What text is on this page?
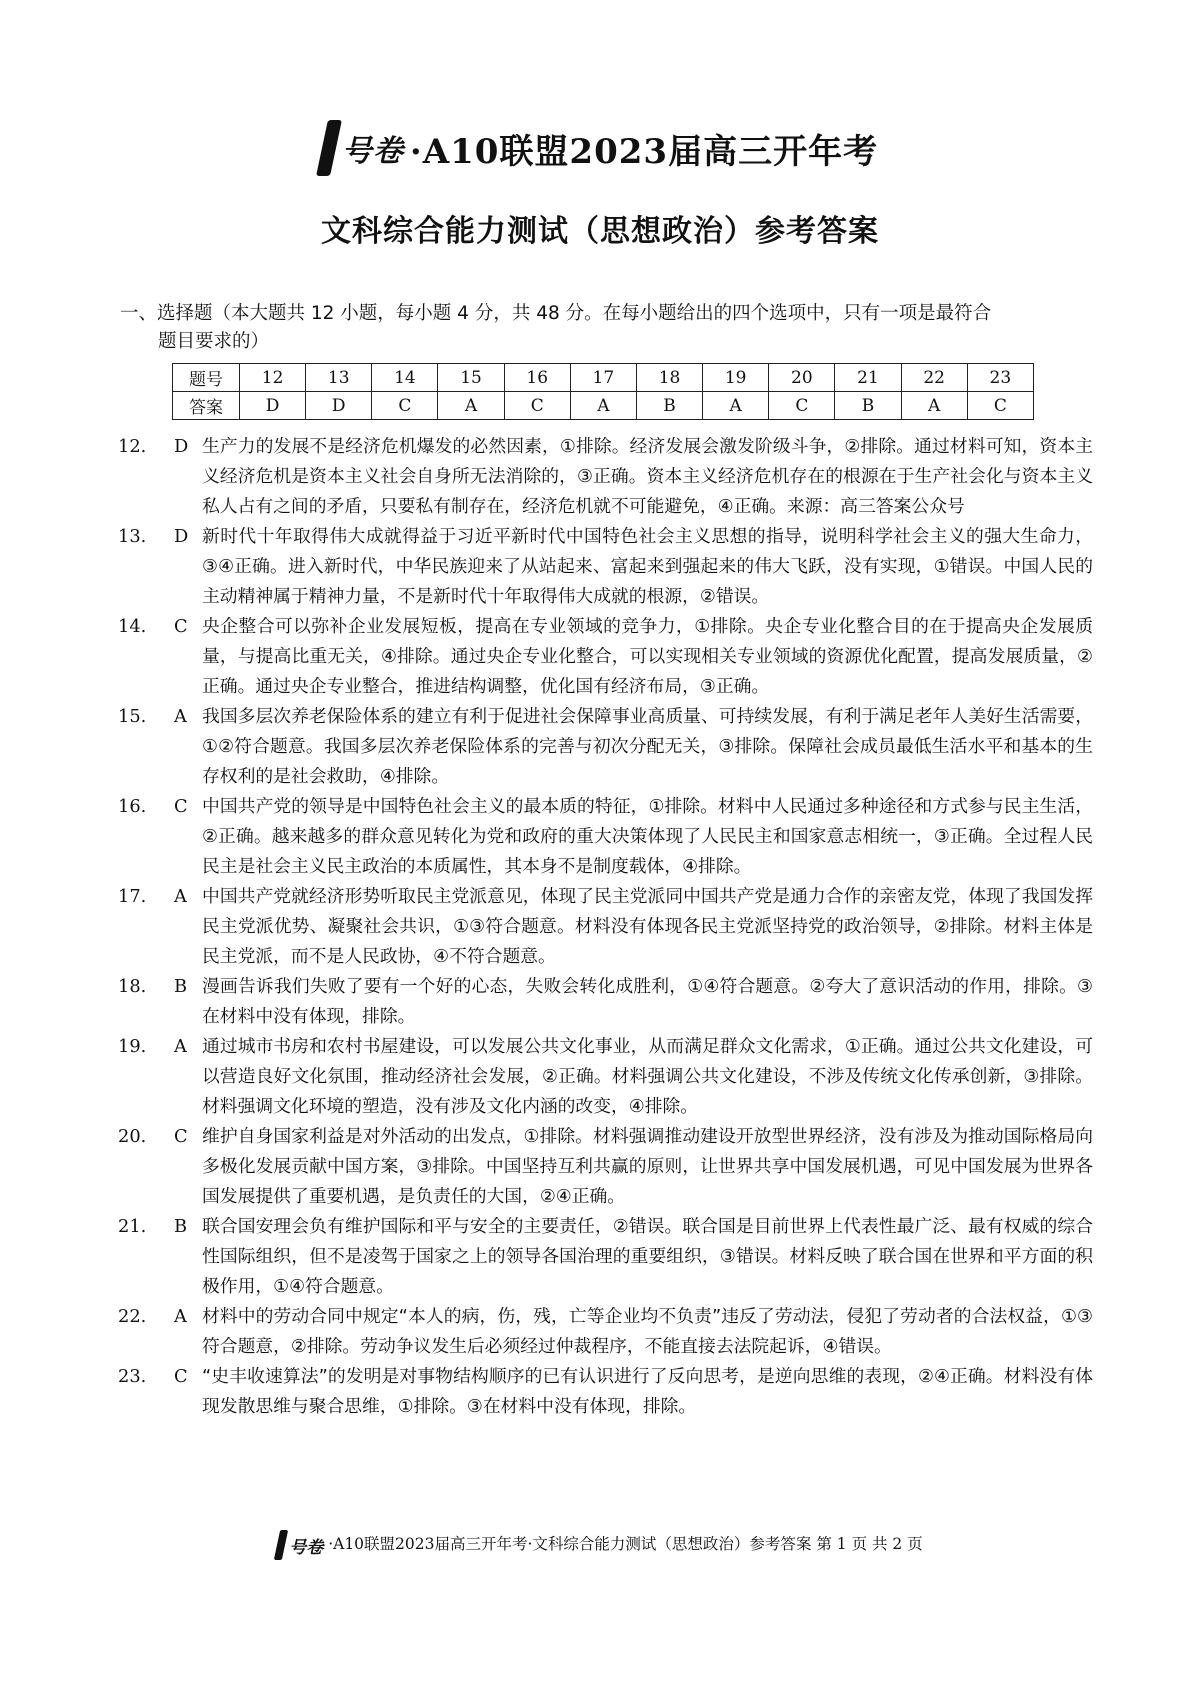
号卷 ·A10联盟2023届高三开年考
文科综合能力测试（思想政治）参考答案
一、选择题（本大题共 12 小题，每小题 4 分，共 48 分。在每小题给出的四个选项中，只有一项是最符合
题目要求的）
题号	12	13	14	15	16	17	18	19	20	21	22	23
答案	D	D	C	A	C	A	B	A	C	B	A	C
12.	D 生产力的发展不是经济危机爆发的必然因素，①排除。经济发展会激发阶级斗争，②排除。通过材料可知，资本主义经济危机是资本主义社会自身所无法消除的，③正确。资本主义经济危机存在的根源在于生产社会化与资本主义私人占有之间的矛盾，只要私有制存在，经济危机就不可能避免，④正确。来源：高三答案公众号
13.	D 新时代十年取得伟大成就得益于习近平新时代中国特色社会主义思想的指导，说明科学社会主义的强大生命力，③④正确。进入新时代，中华民族迎来了从站起来、富起来到强起来的伟大飞跃，没有实现，①错误。中国人民的主动精神属于精神力量，不是新时代十年取得伟大成就的根源，②错误。
14.	C 央企整合可以弥补企业发展短板，提高在专业领域的竞争力，①排除。央企专业化整合目的在于提高央企发展质量，与提高比重无关，④排除。通过央企专业化整合，可以实现相关专业领域的资源优化配置，提高发展质量，②正确。通过央企专业整合，推进结构调整，优化国有经济布局，③正确。
15.	A 我国多层次养老保险体系的建立有利于促进社会保障事业高质量、可持续发展，有利于满足老年人美好生活需要，①②符合题意。我国多层次养老保险体系的完善与初次分配无关，③排除。保障社会成员最低生活水平和基本的生存权利的是社会救助，④排除。
16.	C 中国共产党的领导是中国特色社会主义的最本质的特征，①排除。材料中人民通过多种途径和方式参与民主生活，②正确。越来越多的群众意见转化为党和政府的重大决策体现了人民民主和国家意志相统一，③正确。全过程人民民主是社会主义民主政治的本质属性，其本身不是制度载体，④排除。
17.	A 中国共产党就经济形势听取民主党派意见，体现了民主党派同中国共产党是通力合作的亲密友党，体现了我国发挥民主党派优势、凝聚社会共识，①③符合题意。材料没有体现各民主党派坚持党的政治领导，②排除。材料主体是民主党派，而不是人民政协，④不符合题意。
18.	B 漫画告诉我们失败了要有一个好的心态，失败会转化成胜利，①④符合题意。②夸大了意识活动的作用，排除。③在材料中没有体现，排除。
19.	A 通过城市书房和农村书屋建设，可以发展公共文化事业，从而满足群众文化需求，①正确。通过公共文化建设，可以营造良好文化氛围，推动经济社会发展，②正确。材料强调公共文化建设，不涉及传统文化传承创新，③排除。材料强调文化环境的塑造，没有涉及文化内涵的改变，④排除。
20.	C 维护自身国家利益是对外活动的出发点，①排除。材料强调推动建设开放型世界经济，没有涉及为推动国际格局向多极化发展贡献中国方案，③排除。中国坚持互利共赢的原则，让世界共享中国发展机遇，可见中国发展为世界各国发展提供了重要机遇，是负责任的大国，②④正确。
21.	B 联合国安理会负有维护国际和平与安全的主要责任，②错误。联合国是目前世界上代表性最广泛、最有权威的综合性国际组织，但不是凌驾于国家之上的领导各国治理的重要组织，③错误。材料反映了联合国在世界和平方面的积极作用，①④符合题意。
22.	A 材料中的劳动合同中规定“本人的病，伤，残，亡等企业均不负责”违反了劳动法，侵犯了劳动者的合法权益，①③符合题意，②排除。劳动争议发生后必须经过仲裁程序，不能直接去法院起诉，④错误。
23.	C “史丰收速算法”的发明是对事物结构顺序的已有认识进行了反向思考，是逆向思维的表现，②④正确。材料没有体现发散思维与聚合思维，①排除。③在材料中没有体现，排除。
号卷 ·A10联盟2023届高三开年考·文科综合能力测试（思想政治）参考答案 第 1 页 共 2 页
